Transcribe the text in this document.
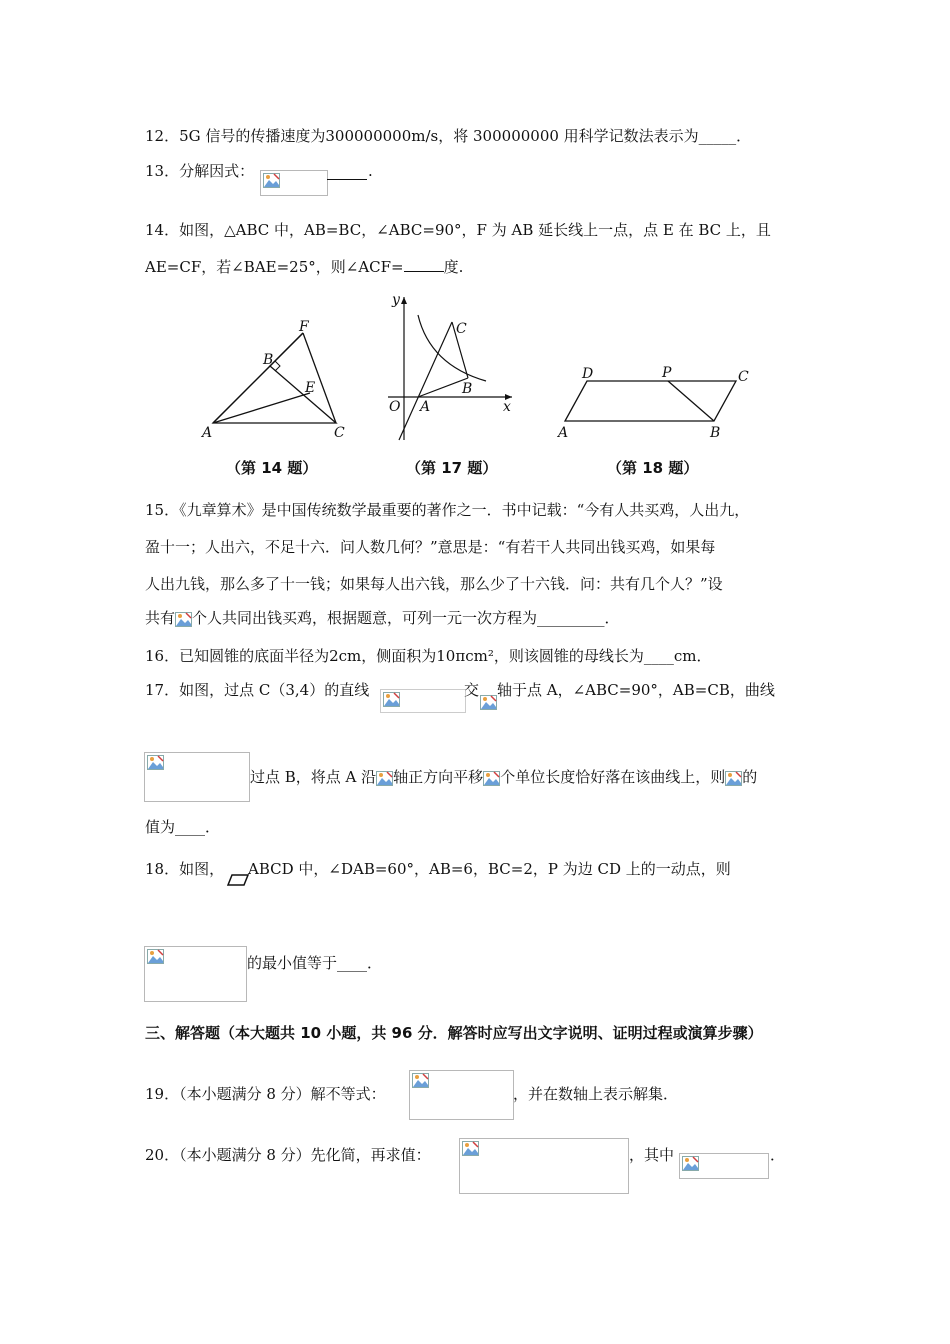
12．5G 信号的传播速度为300000000m/s，将 300000000 用科学记数法表示为_____．
13．分解因式：	.
14．如图，△ABC 中，AB=BC，∠ABC=90°，F 为 AB 延长线上一点，点 E 在 BC 上，且
AE=CF，若∠BAE=25°，则∠ACF=	度.
A
B
C
E
F
y
x
O A
B
C
A	B
C
D	P
（第 14 题）	（第 17 题）	（第 18 题）
15．《九章算术》是中国传统数学最重要的著作之一．书中记载：“今有人共买鸡，人出九，
盈十一；人出六，不足十六．问人数几何？”意思是：“有若干人共同出钱买鸡，如果每
人出九钱，那么多了十一钱；如果每人出六钱，那么少了十六钱．问：共有几个人？”设
共有 个人共同出钱买鸡，根据题意，可列一元一次方程为_________．
16．已知圆锥的底面半径为2cm，侧面积为10πcm²，则该圆锥的母线长为____cm．
17．如图，过点 C（3,4）的直线	交 轴于点 A，∠ABC=90°，AB=CB，曲线
过点 B，将点 A 沿 轴正方向平移 个单位长度恰好落在该曲线上，则 的
值为____．
18．如图， ABCD 中，∠DAB=60°，AB=6，BC=2，P 为边 CD 上的一动点，则
的最小值等于____．
三、解答题（本大题共 10 小题，共 96 分．解答时应写出文字说明、证明过程或演算步骤）
19．（本小题满分 8 分）解不等式：	，并在数轴上表示解集．
20．（本小题满分 8 分）先化简，再求值：	，其中	．
